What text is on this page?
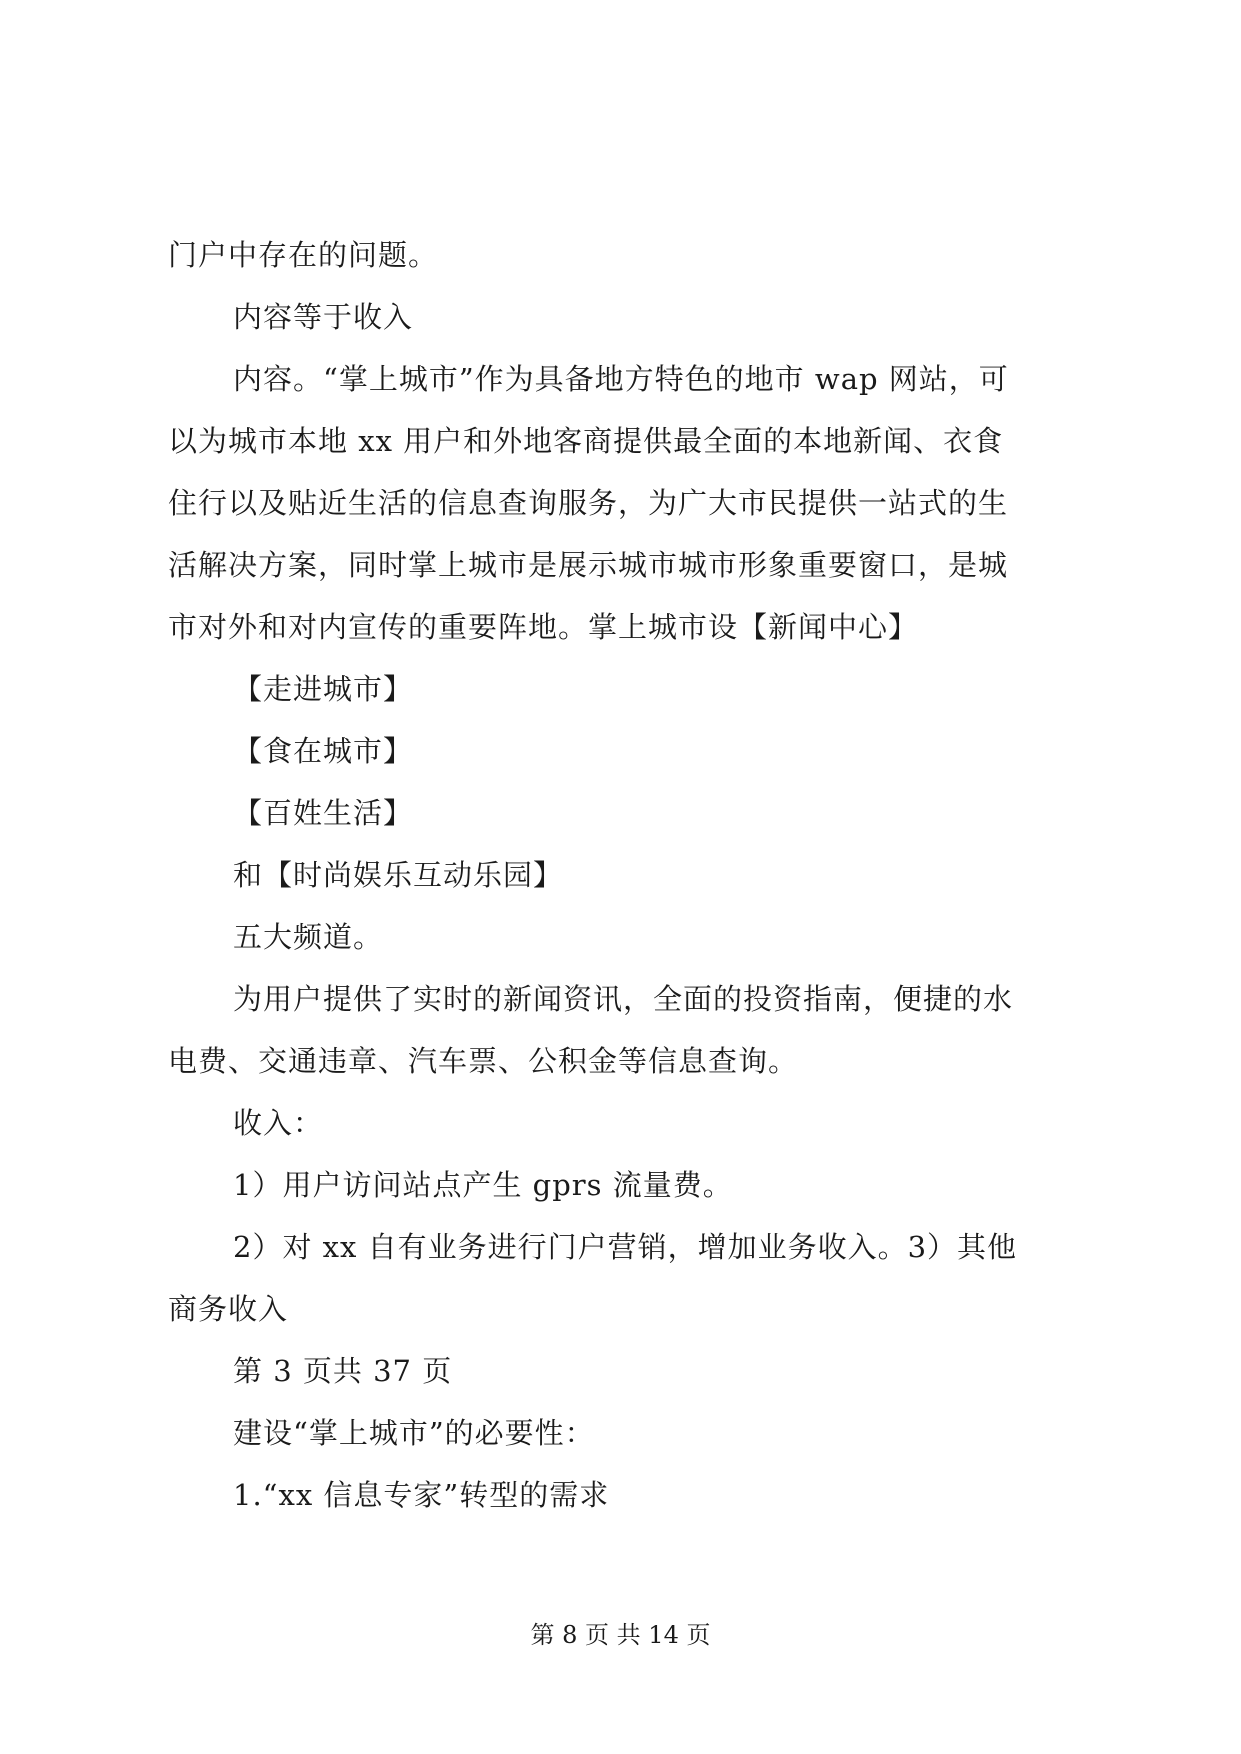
门户中存在的问题。
内容等于收入
内容。“掌上城市”作为具备地方特色的地市 wap 网站，可
以为城市本地 xx 用户和外地客商提供最全面的本地新闻、衣食
住行以及贴近生活的信息查询服务，为广大市民提供一站式的生
活解决方案，同时掌上城市是展示城市城市形象重要窗口，是城
市对外和对内宣传的重要阵地。掌上城市设【新闻中心】
【走进城市】
【食在城市】
【百姓生活】
和【时尚娱乐互动乐园】
五大频道。
为用户提供了实时的新闻资讯，全面的投资指南，便捷的水
电费、交通违章、汽车票、公积金等信息查询。
收入：
1）用户访问站点产生 gprs 流量费。
2）对 xx 自有业务进行门户营销，增加业务收入。3）其他
商务收入
第 3 页共 37 页
建设“掌上城市”的必要性：
1.“xx 信息专家”转型的需求
第 8 页 共 14 页
